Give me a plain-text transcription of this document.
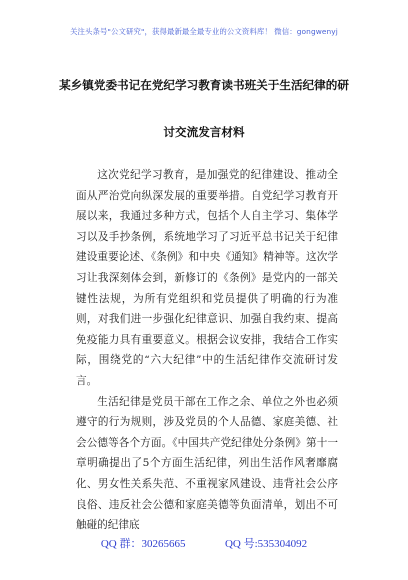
关注头条号"公文研究"，获得最新最全最专业的公文资料库！ 微信：gongwenyj
某乡镇党委书记在党纪学习教育读书班关于生活纪律的研
讨交流发言材料

这次党纪学习教育，是加强党的纪律建设、推动全面从严治党向纵深发展的重要举措。自党纪学习教育开展以来，我通过多种方式，包括个人自主学习、集体学习以及手抄条例，系统地学习了习近平总书记关于纪律建设重要论述、《条例》和中央《通知》精神等。这次学习让我深刻体会到，新修订的《条例》是党内的一部关键性法规，为所有党组织和党员提供了明确的行为准则，对我们进一步强化纪律意识、加强自我约束、提高免疫能力具有重要意义。根据会议安排，我结合工作实际，围绕党的“六大纪律”中的生活纪律作交流研讨发言。

生活纪律是党员干部在工作之余、单位之外也必须遵守的行为规则，涉及党员的个人品德、家庭美德、社会公德等各个方面。《中国共产党纪律处分条例》第十一章明确提出了5个方面生活纪律，列出生活作风奢靡腐化、男女性关系失范、不重视家风建设、违背社会公序良俗、违反社会公德和家庭美德等负面清单，划出不可触碰的纪律底

QQ 群：30265665	QQ 号:535304092
